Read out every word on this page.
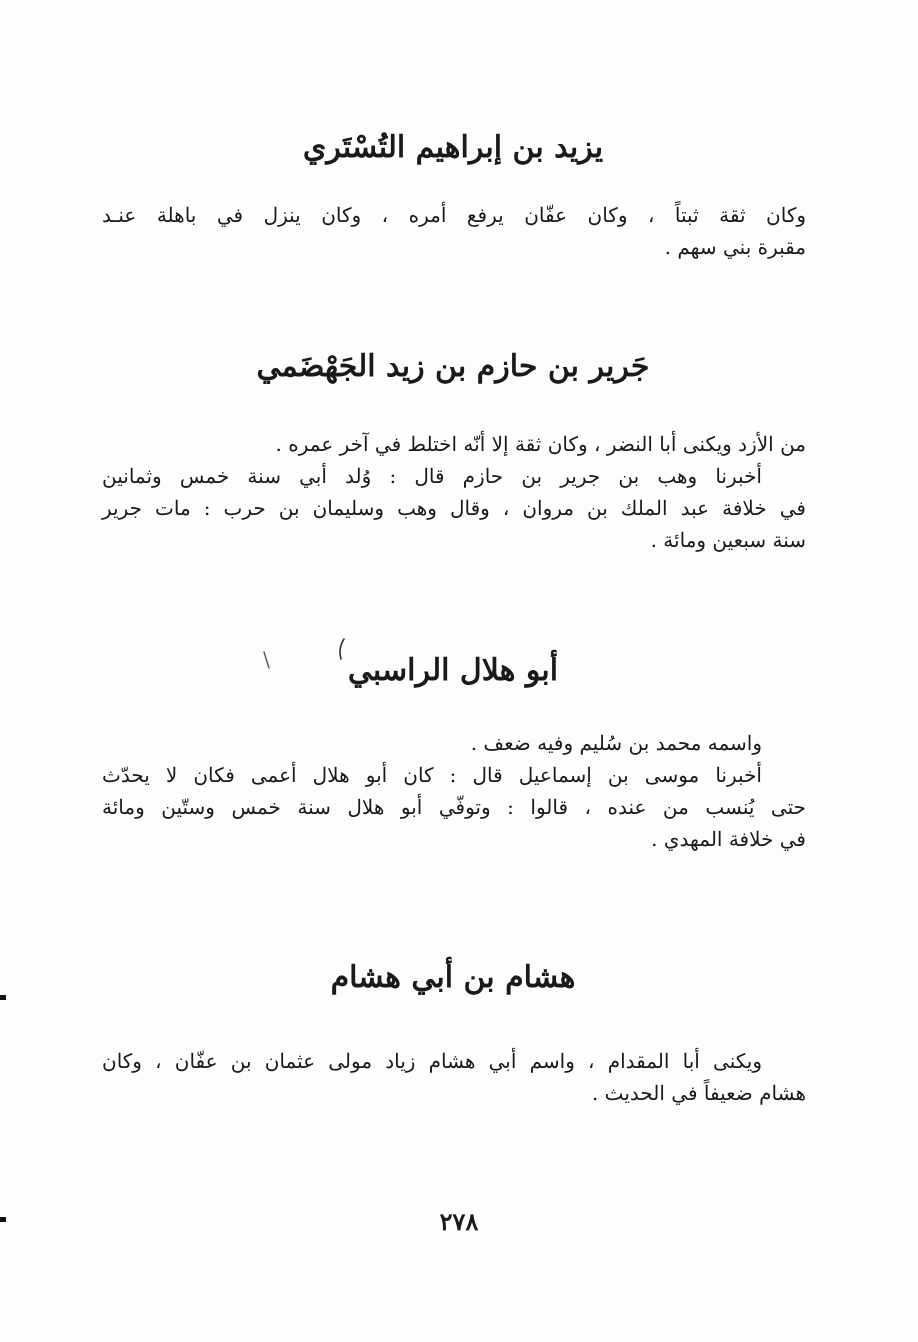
يزيد بن إبراهيم التُسْتَري
وكان ثقة ثبتاً ، وكان عفّان يرفع أمره ، وكان ينزل في باهلة عنـد
مقبرة بني سهم .
جَرير بن حازم بن زيد الجَهْضَمي
من الأزد ويكنى أبا النضر ، وكان ثقة إلا أنّه اختلط في آخر عمره .
أخبرنا وهب بن جرير بن حازم قال : وُلد أبي سنة خمس وثمانين
في خلافة عبد الملك بن مروان ، وقال وهب وسليمان بن حرب : مات جرير
سنة سبعين ومائة .
أبو هلال الراسبي
واسمه محمد بن سُليم وفيه ضعف .
أخبرنا موسى بن إسماعيل قال : كان أبو هلال أعمى فكان لا يحدّث
حتى يُنسب من عنده ، قالوا : وتوفّي أبو هلال سنة خمس وستّين ومائة
في خلافة المهدي .
هشام بن أبي هشام
ويكنى أبا المقدام ، واسم أبي هشام زياد مولى عثمان بن عفّان ، وكان
هشام ضعيفاً في الحديث .
٢٧٨
